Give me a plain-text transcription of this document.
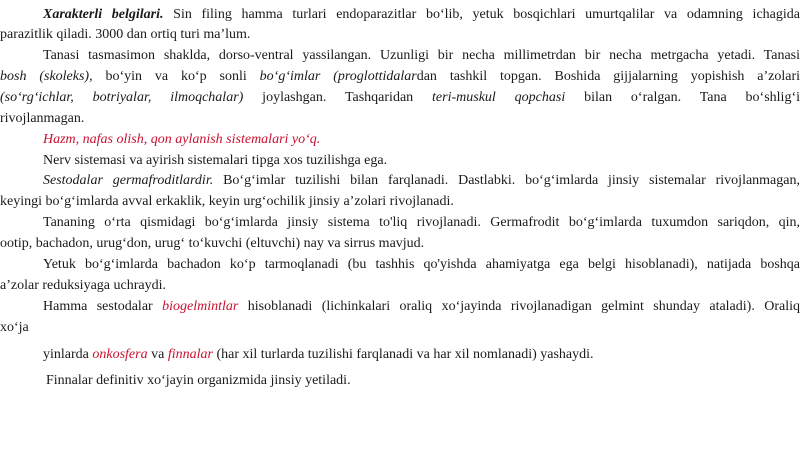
Xarakterli belgilari. Sin filing hamma turlari endoparazitlar bo‘lib, yetuk bosqichlari umurtqalilar va odamning ichagida
parazitlik qiladi. 3000 dan ortiq turi ma’lum.
Tanasi tasmasimon shaklda, dorso-ventral yassilangan. Uzunligi bir necha millimetrdan bir necha metrgacha yetadi. Tanasi
bosh (skoleks), bo‘yin va ko‘p sonli bo‘g‘imlar (proglottidalardan tashkil topgan. Boshida gijjalarning yopishish a’zolari
(so‘rg‘ichlar, botriyalar, ilmoqchalar) joylashgan. Tashqaridan teri-muskul qopchasi bilan o‘ralgan. Tana bo‘shlig‘i
rivojlanmagan.
Hazm, nafas olish, qon aylanish sistemalari yo‘q.
Nerv sistemasi va ayirish sistemalari tipga xos tuzilishga ega.
Sestodalar germafroditlardir. Bo‘g‘imlar tuzilishi bilan farqlanadi. Dastlabki. bo‘g‘imlarda jinsiy sistemalar rivojlanmagan,
keyingi bo‘g‘imlarda avval erkaklik, keyin urg‘ochilik jinsiy a’zolari rivojlanadi.
Tananing o‘rta qismidagi bo‘g‘imlarda jinsiy sistema to'liq rivojlanadi. Germafrodit bo‘g‘imlarda tuxumdon sariqdon, qin,
ootip, bachadon, urug‘don, urug‘ to‘kuvchi (eltuvchi) nay va sirrus mavjud.
Yetuk bo‘g‘imlarda bachadon ko‘p tarmoqlanadi (bu tashhis qo'yishda ahamiyatga ega belgi hisoblanadi), natijada boshqa
a’zolar reduksiyaga uchraydi.
Hamma sestodalar biogelmintlar hisoblanadi (lichinkalari oraliq xo‘jayinda rivojlanadigan gelmint shunday ataladi). Oraliq
xo‘ja
yinlarda onkosfera va finnalar (har xil turlarda tuzilishi farqlanadi va har xil nomlanadi) yashaydi.
Finnalar definitiv xo‘jayin organizmida jinsiy yetiladi.
